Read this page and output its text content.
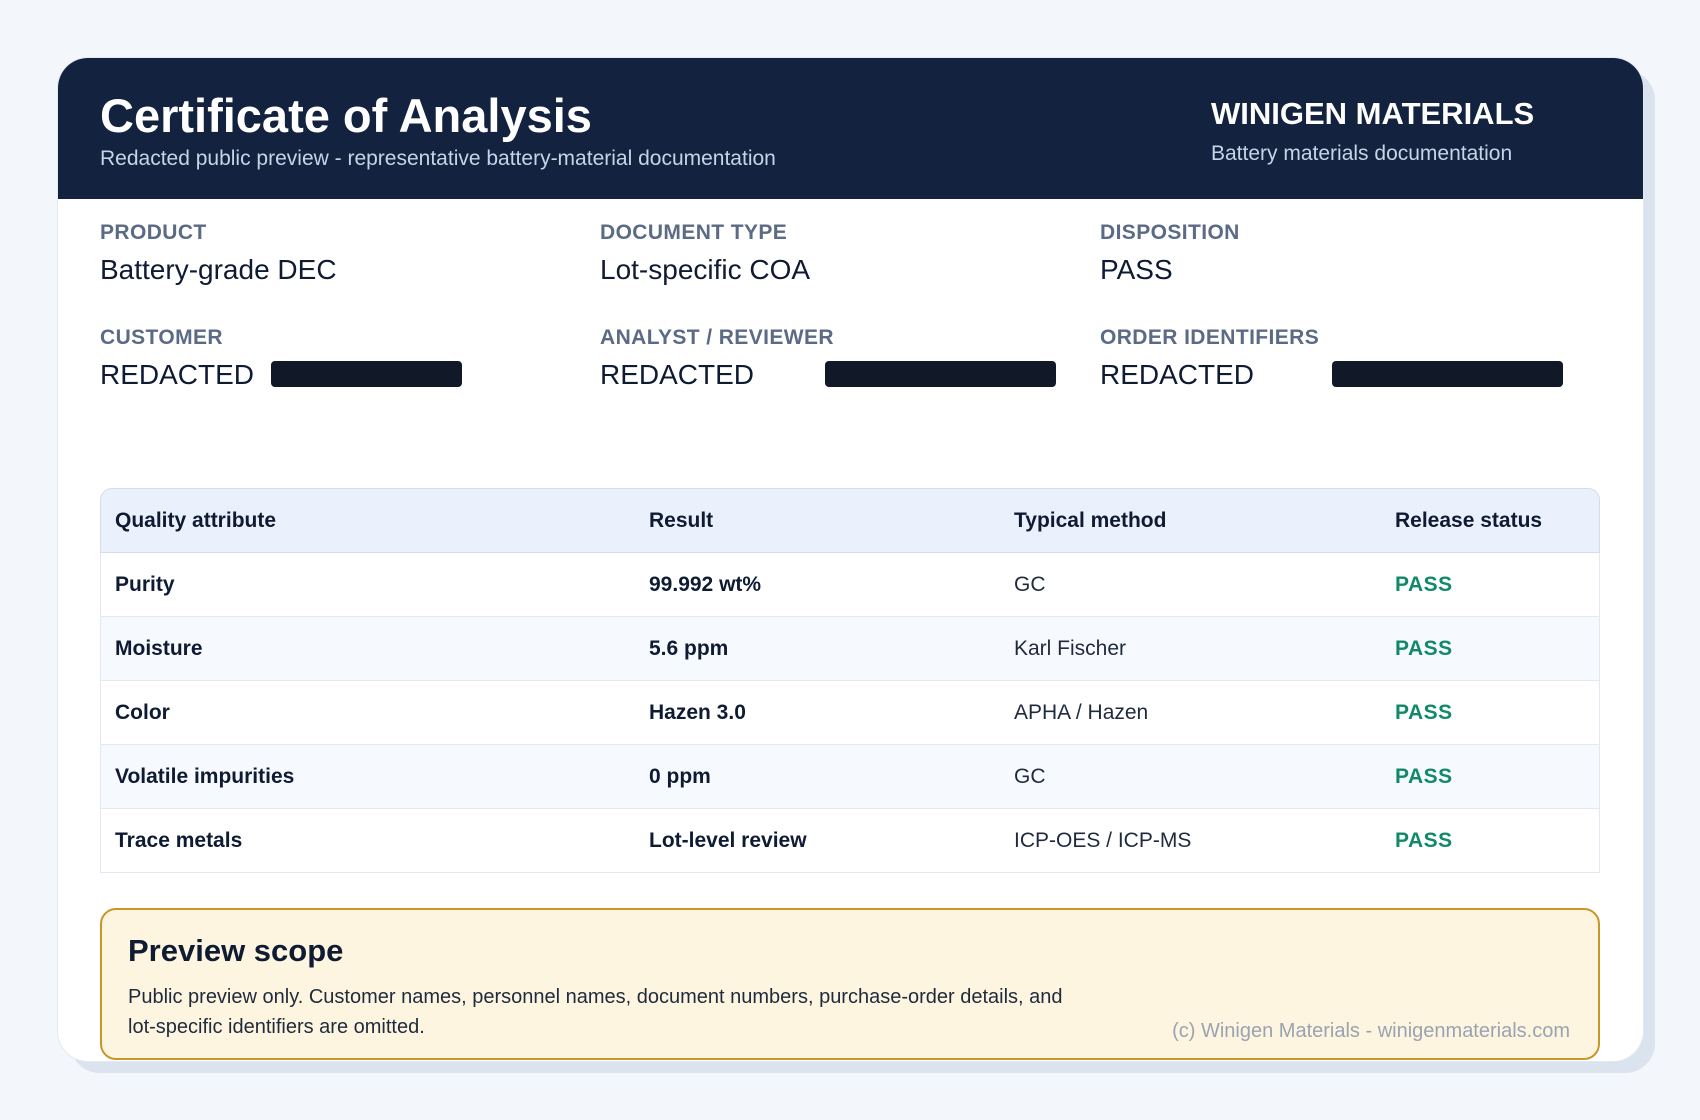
Certificate of Analysis
Redacted public preview - representative battery-material documentation
WINIGEN MATERIALS
Battery materials documentation
PRODUCT
Battery-grade DEC
DOCUMENT TYPE
Lot-specific COA
DISPOSITION
PASS
CUSTOMER
REDACTED
ANALYST / REVIEWER
REDACTED
ORDER IDENTIFIERS
REDACTED
Quality attribute	Result	Typical method	Release status
Purity	99.992 wt%	GC	PASS
Moisture	5.6 ppm	Karl Fischer	PASS
Color	Hazen 3.0	APHA / Hazen	PASS
Volatile impurities	0 ppm	GC	PASS
Trace metals	Lot-level review	ICP-OES / ICP-MS	PASS
Preview scope
Public preview only. Customer names, personnel names, document numbers, purchase-order details, and lot-specific identifiers are omitted.	(c) Winigen Materials - winigenmaterials.com
